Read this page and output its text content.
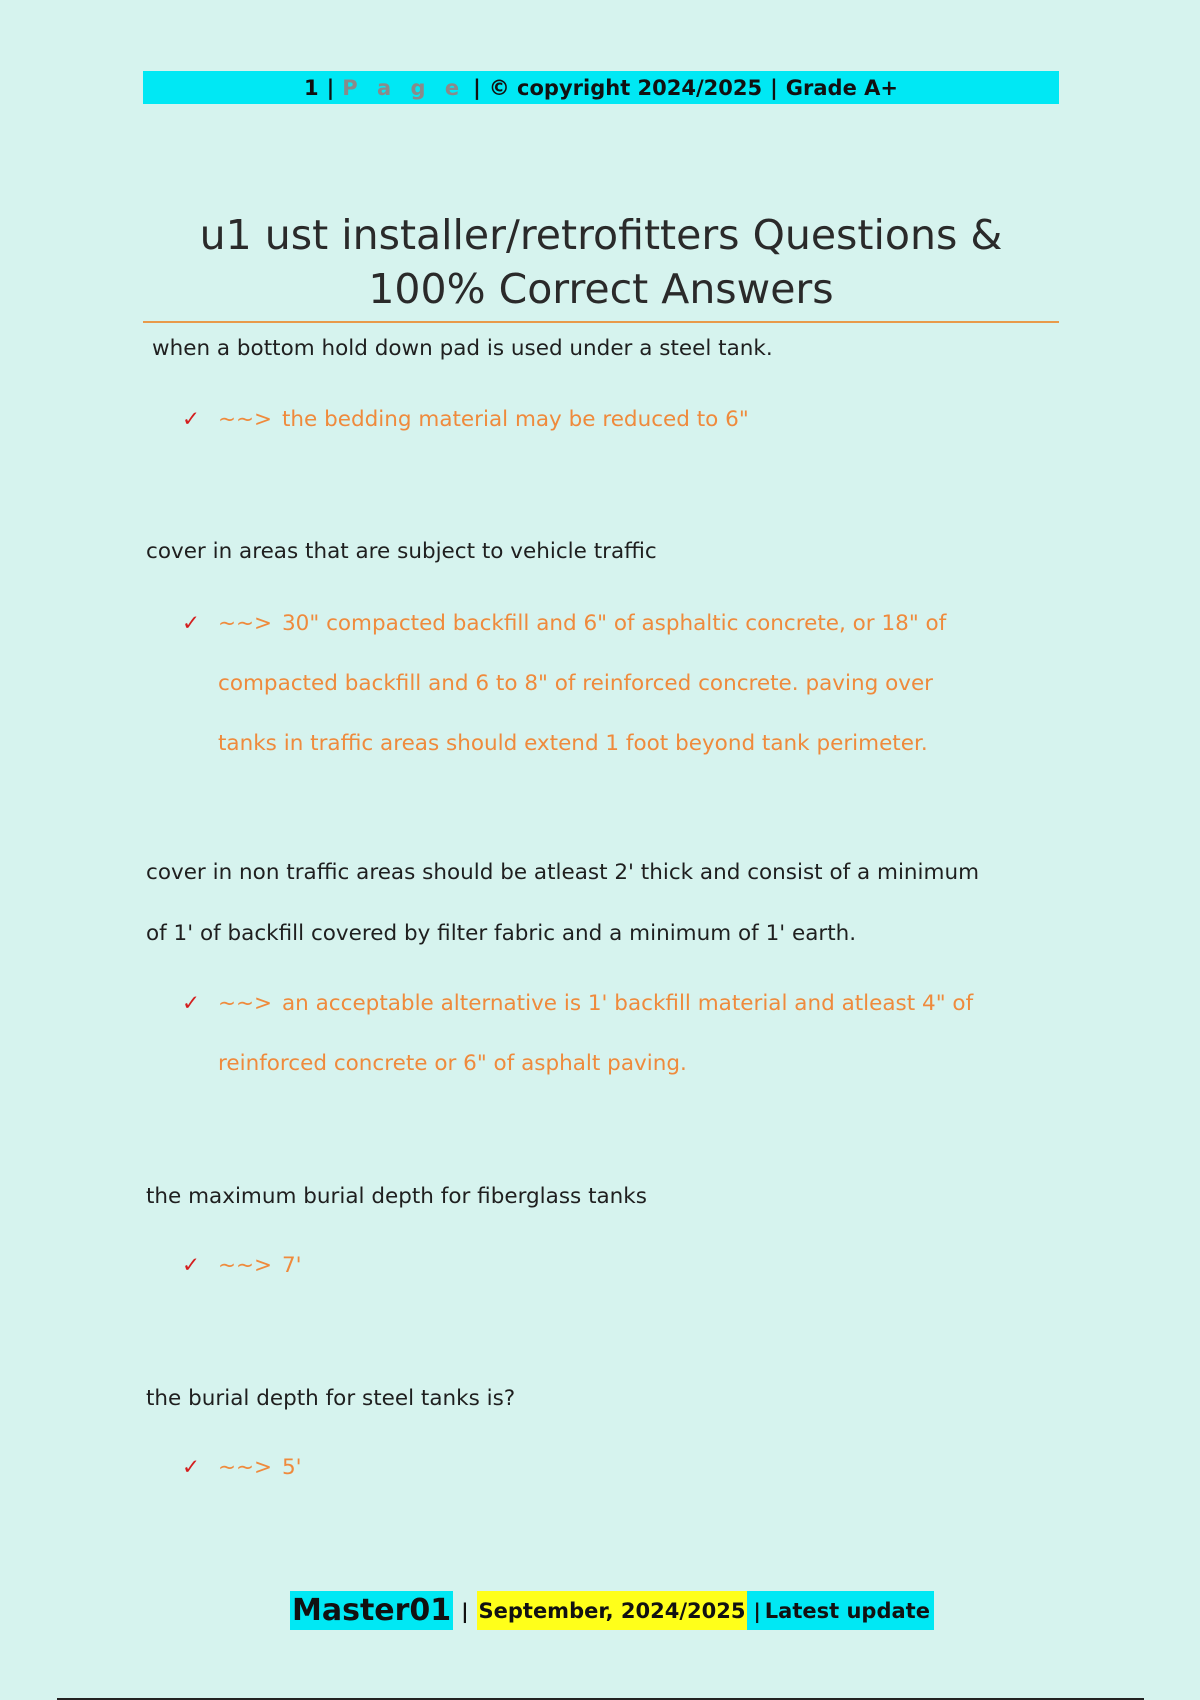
1 | P a g e | © copyright 2024/2025 | Grade A+
u1 ust installer/retrofitters Questions &
100% Correct Answers
when a bottom hold down pad is used under a steel tank.
✓ ~~> the bedding material may be reduced to 6"
cover in areas that are subject to vehicle traffic
✓ ~~> 30" compacted backfill and 6" of asphaltic concrete, or 18" of
compacted backfill and 6 to 8" of reinforced concrete. paving over
tanks in traffic areas should extend 1 foot beyond tank perimeter.
cover in non traffic areas should be atleast 2' thick and consist of a minimum
of 1' of backfill covered by filter fabric and a minimum of 1' earth.
✓ ~~> an acceptable alternative is 1' backfill material and atleast 4" of
reinforced concrete or 6" of asphalt paving.
the maximum burial depth for fiberglass tanks
✓ ~~> 7'
the burial depth for steel tanks is?
✓ ~~> 5'
Master01 | September, 2024/2025 | Latest update
